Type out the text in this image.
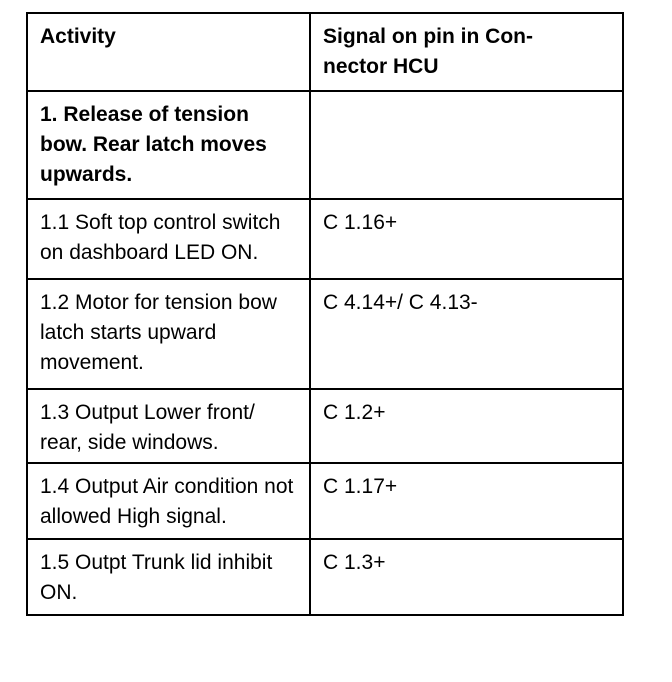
Activity	Signal on pin in Con-
nector HCU
1. Release of tension bow. Rear latch moves upwards.	
1.1 Soft top control switch on dashboard LED ON.	C 1.16+
1.2 Motor for tension bow latch starts upward movement.	C 4.14+/ C 4.13-
1.3 Output Lower front/ rear, side windows.	C 1.2+
1.4 Output Air condition not allowed High signal.	C 1.17+
1.5 Outpt Trunk lid inhibit ON.	C 1.3+
